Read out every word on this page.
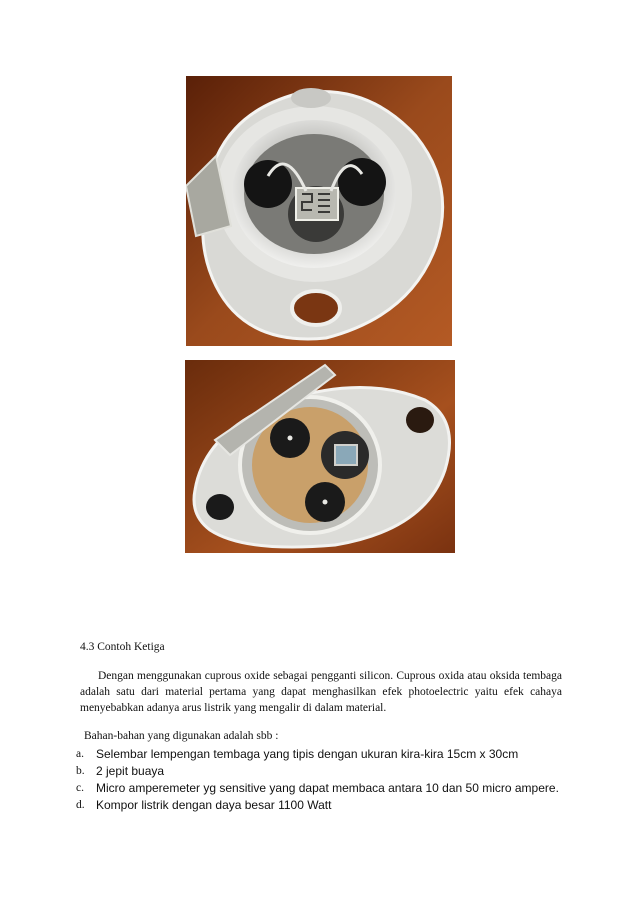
4.3 Contoh Ketiga

Dengan menggunakan cuprous oxide sebagai pengganti silicon. Cuprous oxida atau oksida tembaga adalah satu dari material pertama yang dapat menghasilkan efek photoelectric yaitu efek cahaya menyebabkan adanya arus listrik yang mengalir di dalam material.

Bahan-bahan yang digunakan adalah sbb :

a.	Selembar lempengan tembaga yang tipis dengan ukuran kira-kira 15cm x 30cm
b. 2 jepit buaya
c.	Micro amperemeter yg sensitive yang dapat membaca antara 10 dan 50 micro ampere.
d. Kompor listrik dengan daya besar 1100 Watt
